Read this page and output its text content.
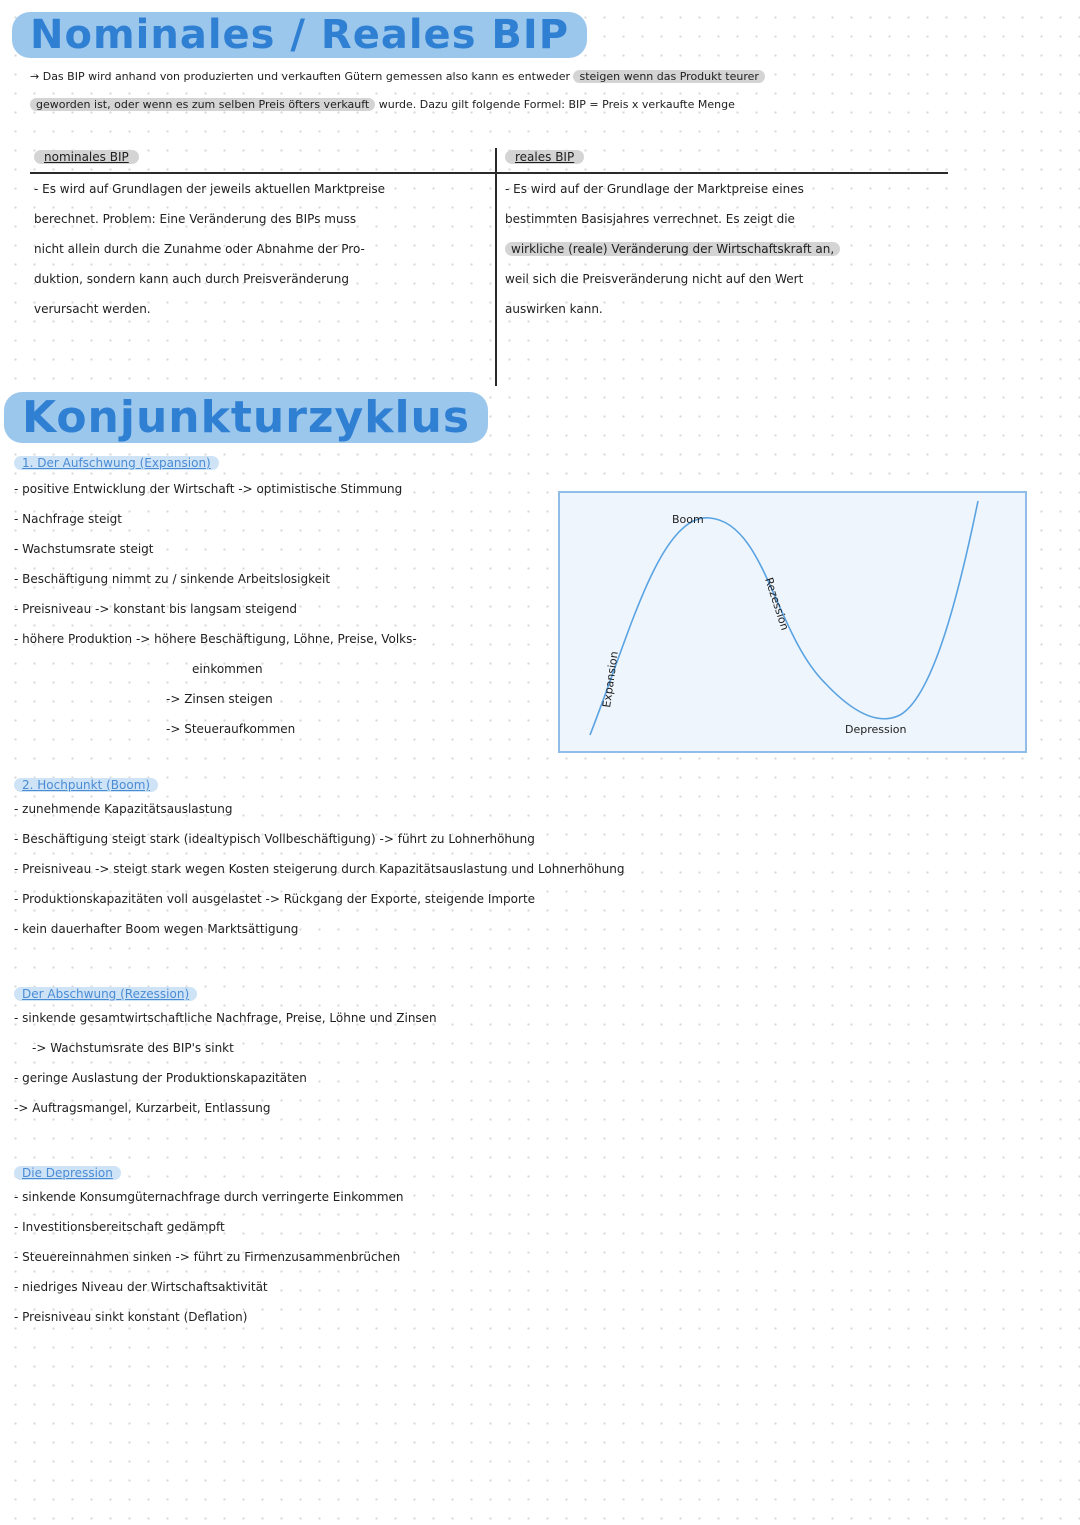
Nominales / Reales BIP
→ Das BIP wird anhand von produzierten und verkauften Gütern gemessen also kann es entweder steigen wenn das Produkt teurer
geworden ist, oder wenn es zum selben Preis öfters verkauft wurde. Dazu gilt folgende Formel: BIP = Preis x verkaufte Menge
nominales BIP
- Es wird auf Grundlagen der jeweils aktuellen Marktpreise
berechnet. Problem: Eine Veränderung des BIPs muss
nicht allein durch die Zunahme oder Abnahme der Pro-
duktion, sondern kann auch durch Preisveränderung
verursacht werden.
reales BIP
- Es wird auf der Grundlage der Marktpreise eines
bestimmten Basisjahres verrechnet. Es zeigt die
wirkliche (reale) Veränderung der Wirtschaftskraft an,
weil sich die Preisveränderung nicht auf den Wert
auswirken kann.
Konjunkturzyklus
1. Der Aufschwung (Expansion)
- positive Entwicklung der Wirtschaft -> optimistische Stimmung
- Nachfrage steigt
- Wachstumsrate steigt
- Beschäftigung nimmt zu / sinkende Arbeitslosigkeit
- Preisniveau -> konstant bis langsam steigend
- höhere Produktion -> höhere Beschäftigung, Löhne, Preise, Volks-
einkommen
-> Zinsen steigen
-> Steueraufkommen
Boom
Rezession
Expansion
Depression
2. Hochpunkt (Boom)
- zunehmende Kapazitätsauslastung
- Beschäftigung steigt stark (idealtypisch Vollbeschäftigung) -> führt zu Lohnerhöhung
- Preisniveau -> steigt stark wegen Kosten steigerung durch Kapazitätsauslastung und Lohnerhöhung
- Produktionskapazitäten voll ausgelastet -> Rückgang der Exporte, steigende Importe
- kein dauerhafter Boom wegen Marktsättigung
Der Abschwung (Rezession)
- sinkende gesamtwirtschaftliche Nachfrage, Preise, Löhne und Zinsen
-> Wachstumsrate des BIP's sinkt
- geringe Auslastung der Produktionskapazitäten
-> Auftragsmangel, Kurzarbeit, Entlassung
Die Depression
- sinkende Konsumgüternachfrage durch verringerte Einkommen
- Investitionsbereitschaft gedämpft
- Steuereinnahmen sinken -> führt zu Firmenzusammenbrüchen
- niedriges Niveau der Wirtschaftsaktivität
- Preisniveau sinkt konstant (Deflation)
